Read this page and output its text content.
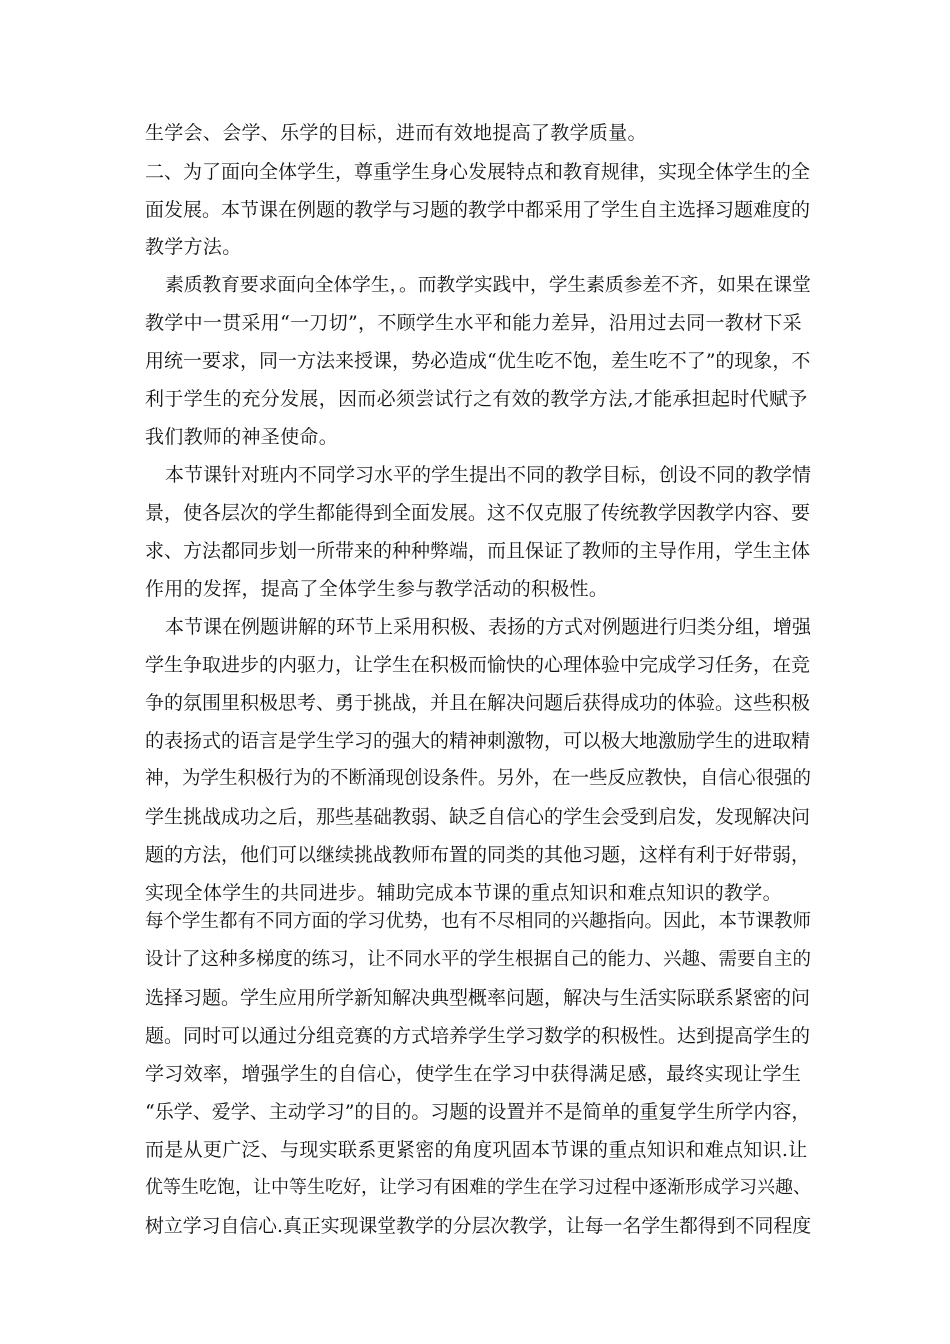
生学会、会学、乐学的目标，进而有效地提高了教学质量。
二、为了面向全体学生，尊重学生身心发展特点和教育规律，实现全体学生的全
面发展。本节课在例题的教学与习题的教学中都采用了学生自主选择习题难度的
教学方法。
素质教育要求面向全体学生，。而教学实践中，学生素质参差不齐，如果在课堂
教学中一贯采用“一刀切”，不顾学生水平和能力差异，沿用过去同一教材下采
用统一要求，同一方法来授课，势必造成“优生吃不饱，差生吃不了”的现象，不
利于学生的充分发展，因而必须尝试行之有效的教学方法,才能承担起时代赋予
我们教师的神圣使命。
本节课针对班内不同学习水平的学生提出不同的教学目标，创设不同的教学情
景，使各层次的学生都能得到全面发展。这不仅克服了传统教学因教学内容、要
求、方法都同步划一所带来的种种弊端，而且保证了教师的主导作用，学生主体
作用的发挥，提高了全体学生参与教学活动的积极性。
本节课在例题讲解的环节上采用积极、表扬的方式对例题进行归类分组，增强
学生争取进步的内驱力，让学生在积极而愉快的心理体验中完成学习任务，在竞
争的氛围里积极思考、勇于挑战，并且在解决问题后获得成功的体验。这些积极
的表扬式的语言是学生学习的强大的精神刺激物，可以极大地激励学生的进取精
神，为学生积极行为的不断涌现创设条件。另外，在一些反应教快，自信心很强的
学生挑战成功之后，那些基础教弱、缺乏自信心的学生会受到启发，发现解决问
题的方法，他们可以继续挑战教师布置的同类的其他习题，这样有利于好带弱，
实现全体学生的共同进步。辅助完成本节课的重点知识和难点知识的教学。
每个学生都有不同方面的学习优势，也有不尽相同的兴趣指向。因此，本节课教师
设计了这种多梯度的练习，让不同水平的学生根据自己的能力、兴趣、需要自主的
选择习题。学生应用所学新知解决典型概率问题，解决与生活实际联系紧密的问
题。同时可以通过分组竞赛的方式培养学生学习数学的积极性。达到提高学生的
学习效率，增强学生的自信心，使学生在学习中获得满足感，最终实现让学生
“乐学、爱学、主动学习”的目的。习题的设置并不是简单的重复学生所学内容，
而是从更广泛、与现实联系更紧密的角度巩固本节课的重点知识和难点知识.让
优等生吃饱，让中等生吃好，让学习有困难的学生在学习过程中逐渐形成学习兴趣、
树立学习自信心.真正实现课堂教学的分层次教学，让每一名学生都得到不同程度
